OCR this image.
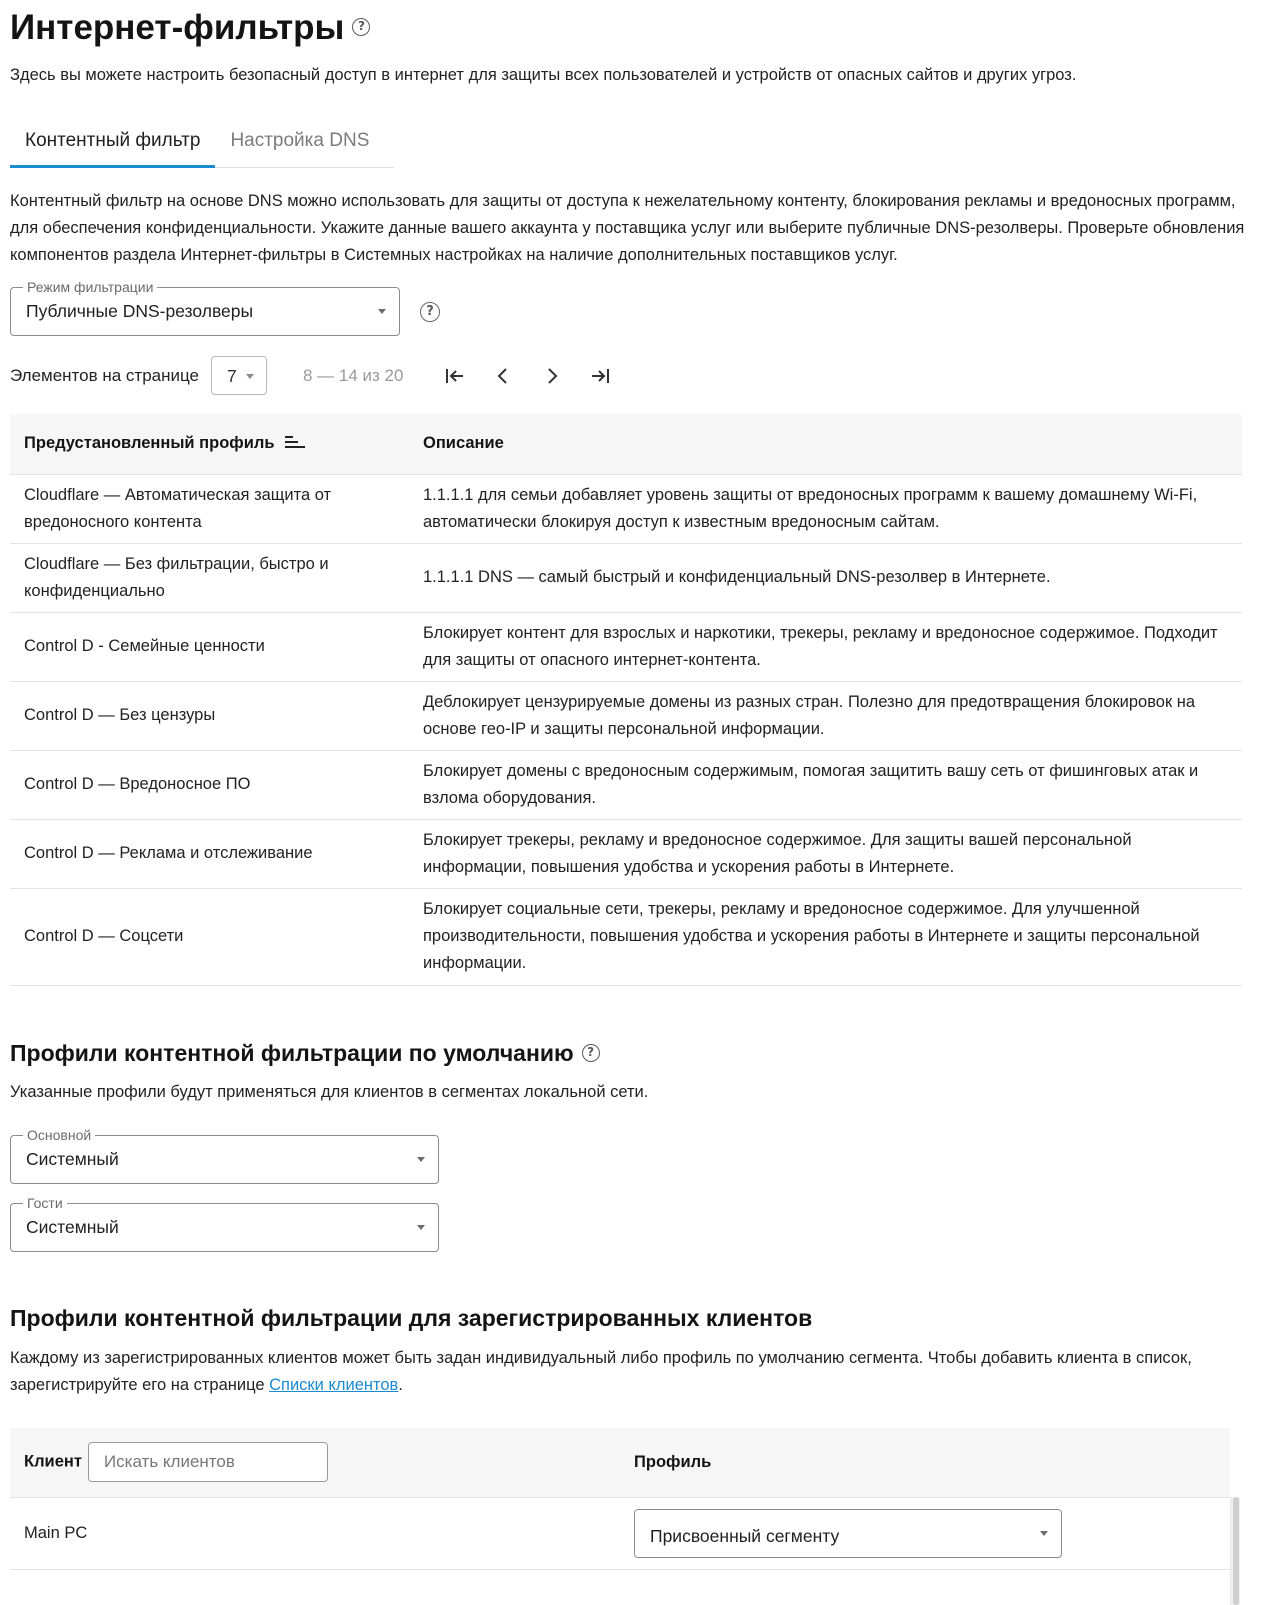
Интернет-фильтры ?
Здесь вы можете настроить безопасный доступ в интернет для защиты всех пользователей и устройств от опасных сайтов и других угроз.
Контентный фильтр	Настройка DNS
Контентный фильтр на основе DNS можно использовать для защиты от доступа к нежелательному контенту, блокирования рекламы и вредоносных программ, для обеспечения конфиденциальности. Укажите данные вашего аккаунта у поставщика услуг или выберите публичные DNS-резолверы. Проверьте обновления компонентов раздела Интернет-фильтры в Системных настройках на наличие дополнительных поставщиков услуг.
Режим фильтрации
Публичные DNS-резолверы	?
Элементов на странице 7	8 — 14 из 20
Предустановленный профиль	Описание
Cloudflare — Автоматическая защита от вредоносного контента	1.1.1.1 для семьи добавляет уровень защиты от вредоносных программ к вашему домашнему Wi-Fi, автоматически блокируя доступ к известным вредоносным сайтам.
Cloudflare — Без фильтрации, быстро и конфиденциально	1.1.1.1 DNS — самый быстрый и конфиденциальный DNS-резолвер в Интернете.
Control D - Семейные ценности	Блокирует контент для взрослых и наркотики, трекеры, рекламу и вредоносное содержимое. Подходит для защиты от опасного интернет-контента.
Control D — Без цензуры	Деблокирует цензурируемые домены из разных стран. Полезно для предотвращения блокировок на основе гео-IP и защиты персональной информации.
Control D — Вредоносное ПО	Блокирует домены с вредоносным содержимым, помогая защитить вашу сеть от фишинговых атак и взлома оборудования.
Control D — Реклама и отслеживание	Блокирует трекеры, рекламу и вредоносное содержимое. Для защиты вашей персональной информации, повышения удобства и ускорения работы в Интернете.
Control D — Соцсети	Блокирует социальные сети, трекеры, рекламу и вредоносное содержимое. Для улучшенной производительности, повышения удобства и ускорения работы в Интернете и защиты персональной информации.
Профили контентной фильтрации по умолчанию ?
Указанные профили будут применяться для клиентов в сегментах локальной сети.
Основной
Системный
Гости
Системный
Профили контентной фильтрации для зарегистрированных клиентов
Каждому из зарегистрированных клиентов может быть задан индивидуальный либо профиль по умолчанию сегмента. Чтобы добавить клиента в список, зарегистрируйте его на странице Списки клиентов.
КлиентИскать клиентов	Профиль
Main PC	Присвоенный сегменту
